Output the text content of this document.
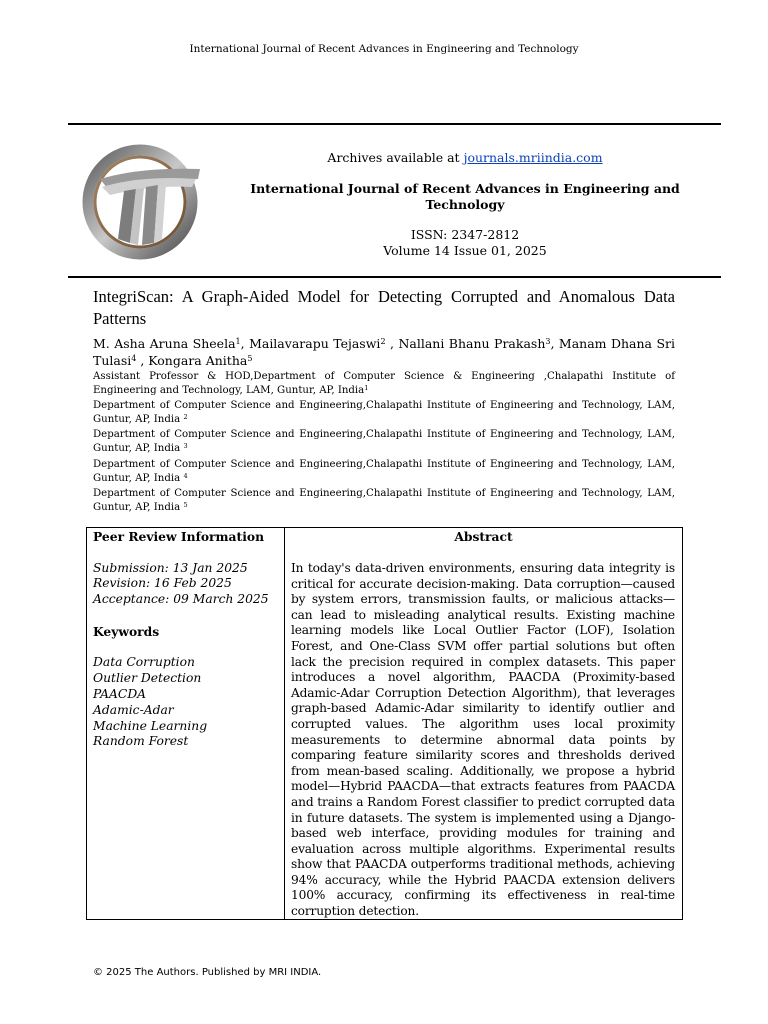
International Journal of Recent Advances in Engineering and Technology
Archives available at journals.mriindia.com
International Journal of Recent Advances in Engineering and
Technology
ISSN: 2347-2812
Volume 14 Issue 01, 2025
IntegriScan: A Graph-Aided Model for Detecting Corrupted and Anomalous Data Patterns
M. Asha Aruna Sheela$^1$, Mailavarapu Tejaswi$^2$ , Nallani Bhanu Prakash$^3$, Manam Dhana Sri Tulasi$^4$ , Kongara Anitha$^5$
Assistant Professor & HOD,Department of Computer Science & Engineering ,Chalapathi Institute of Engineering and Technology, LAM, Guntur, AP, India$^1$
Department of Computer Science and Engineering,Chalapathi Institute of Engineering and Technology, LAM, Guntur, AP, India $^2$
Department of Computer Science and Engineering,Chalapathi Institute of Engineering and Technology, LAM, Guntur, AP, India $^3$
Department of Computer Science and Engineering,Chalapathi Institute of Engineering and Technology, LAM, Guntur, AP, India $^4$
Department of Computer Science and Engineering,Chalapathi Institute of Engineering and Technology, LAM, Guntur, AP, India $^5$
Peer Review Information
Submission: 13 Jan 2025
Revision: 16 Feb 2025
Acceptance: 09 March 2025
Keywords
Data Corruption
Outlier Detection
PAACDA
Adamic-Adar
Machine Learning
Random Forest
Abstract
In today's data-driven environments, ensuring data integrity is critical for accurate decision-making. Data corruption—caused by system errors, transmission faults, or malicious attacks—can lead to misleading analytical results. Existing machine learning models like Local Outlier Factor (LOF), Isolation Forest, and One-Class SVM offer partial solutions but often lack the precision required in complex datasets. This paper introduces a novel algorithm, PAACDA (Proximity-based Adamic-Adar Corruption Detection Algorithm), that leverages graph-based Adamic-Adar similarity to identify outlier and corrupted values. The algorithm uses local proximity measurements to determine abnormal data points by comparing feature similarity scores and thresholds derived from mean-based scaling. Additionally, we propose a hybrid model—Hybrid PAACDA—that extracts features from PAACDA and trains a Random Forest classifier to predict corrupted data in future datasets. The system is implemented using a Django-based web interface, providing modules for training and evaluation across multiple algorithms. Experimental results show that PAACDA outperforms traditional methods, achieving 94% accuracy, while the Hybrid PAACDA extension delivers 100% accuracy, confirming its effectiveness in real-time corruption detection.
© 2025 The Authors. Published by MRI INDIA.
